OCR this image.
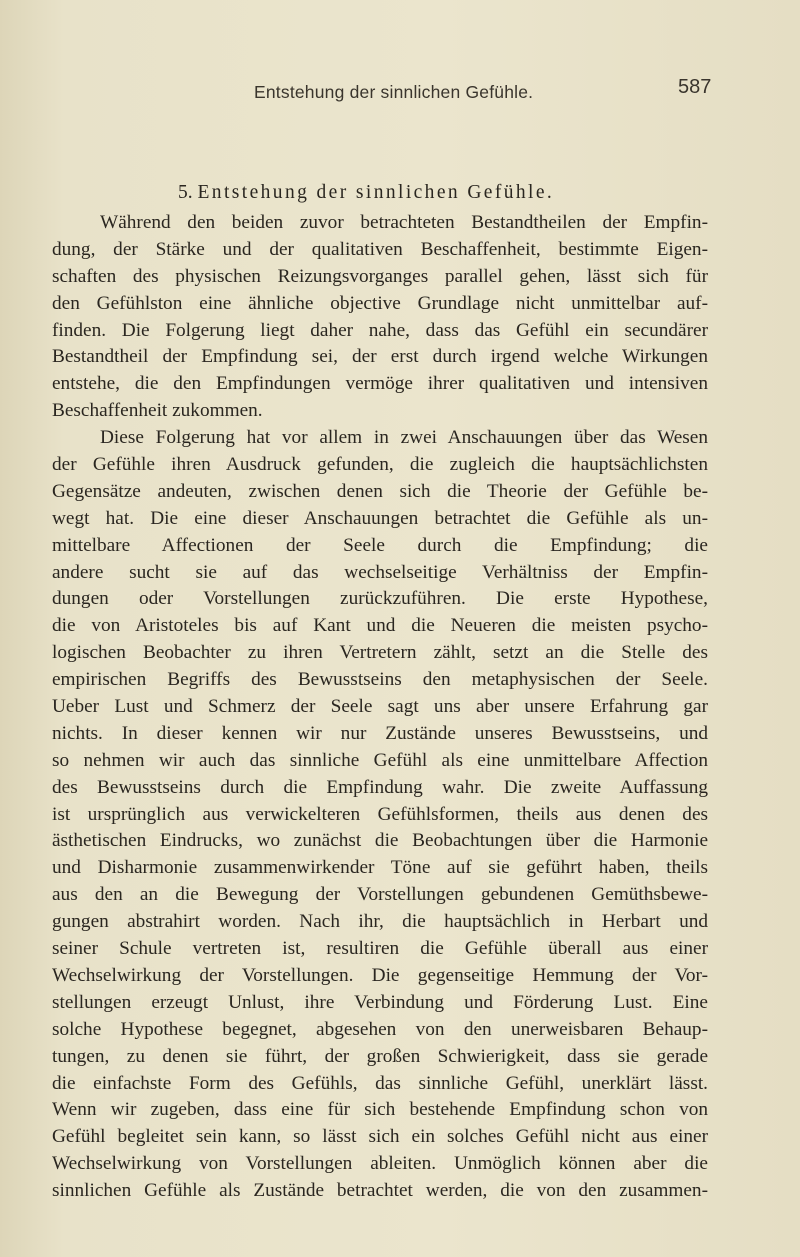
Entstehung der sinnlichen Gefühle.	587
5. Entstehung der sinnlichen Gefühle.
Während den beiden zuvor betrachteten Bestandtheilen der Empfin-
dung, der Stärke und der qualitativen Beschaffenheit, bestimmte Eigen-
schaften des physischen Reizungsvorganges parallel gehen, lässt sich für
den Gefühlston eine ähnliche objective Grundlage nicht unmittelbar auf-
finden. Die Folgerung liegt daher nahe, dass das Gefühl ein secundärer
Bestandtheil der Empfindung sei, der erst durch irgend welche Wirkungen
entstehe, die den Empfindungen vermöge ihrer qualitativen und intensiven
Beschaffenheit zukommen.
Diese Folgerung hat vor allem in zwei Anschauungen über das Wesen
der Gefühle ihren Ausdruck gefunden, die zugleich die hauptsächlichsten
Gegensätze andeuten, zwischen denen sich die Theorie der Gefühle be-
wegt hat. Die eine dieser Anschauungen betrachtet die Gefühle als un-
mittelbare Affectionen der Seele durch die Empfindung; die
andere sucht sie auf das wechselseitige Verhältniss der Empfin-
dungen oder Vorstellungen zurückzuführen. Die erste Hypothese,
die von Aristoteles bis auf Kant und die Neueren die meisten psycho-
logischen Beobachter zu ihren Vertretern zählt, setzt an die Stelle des
empirischen Begriffs des Bewusstseins den metaphysischen der Seele.
Ueber Lust und Schmerz der Seele sagt uns aber unsere Erfahrung gar
nichts. In dieser kennen wir nur Zustände unseres Bewusstseins, und
so nehmen wir auch das sinnliche Gefühl als eine unmittelbare Affection
des Bewusstseins durch die Empfindung wahr. Die zweite Auffassung
ist ursprünglich aus verwickelteren Gefühlsformen, theils aus denen des
ästhetischen Eindrucks, wo zunächst die Beobachtungen über die Harmonie
und Disharmonie zusammenwirkender Töne auf sie geführt haben, theils
aus den an die Bewegung der Vorstellungen gebundenen Gemüthsbewe-
gungen abstrahirt worden. Nach ihr, die hauptsächlich in Herbart und
seiner Schule vertreten ist, resultiren die Gefühle überall aus einer
Wechselwirkung der Vorstellungen. Die gegenseitige Hemmung der Vor-
stellungen erzeugt Unlust, ihre Verbindung und Förderung Lust. Eine
solche Hypothese begegnet, abgesehen von den unerweisbaren Behaup-
tungen, zu denen sie führt, der großen Schwierigkeit, dass sie gerade
die einfachste Form des Gefühls, das sinnliche Gefühl, unerklärt lässt.
Wenn wir zugeben, dass eine für sich bestehende Empfindung schon von
Gefühl begleitet sein kann, so lässt sich ein solches Gefühl nicht aus einer
Wechselwirkung von Vorstellungen ableiten. Unmöglich können aber die
sinnlichen Gefühle als Zustände betrachtet werden, die von den zusammen-
